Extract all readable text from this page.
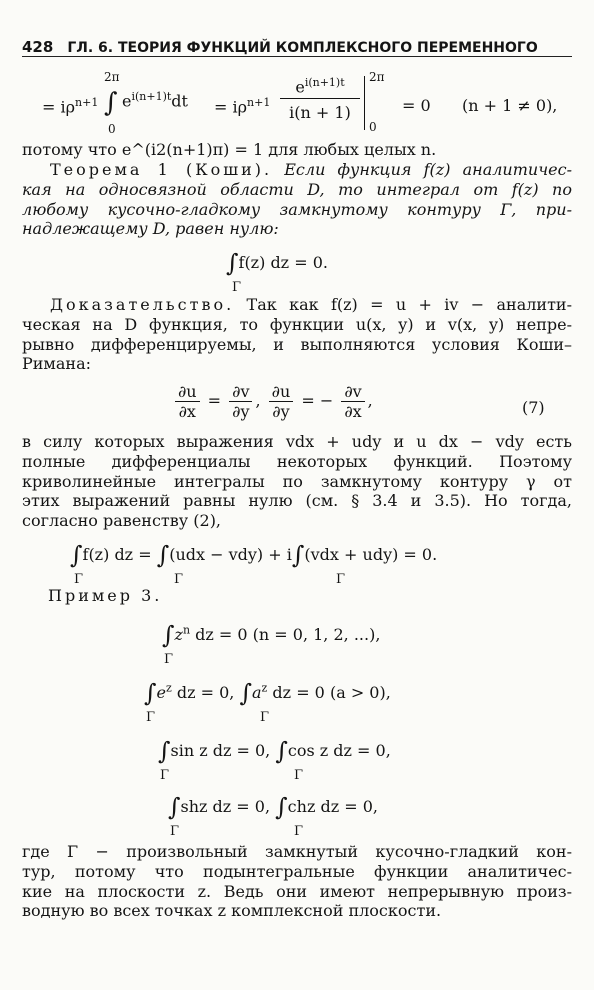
428 ГЛ. 6. ТЕОРИЯ ФУНКЦИЙ КОМПЛЕКСНОГО ПЕРЕМЕННОГО
= $i\rho^{n+1}$
2π
∫
0
$e^{i(n+1)t}dt = i\rho^{n+1}$
$e^{i(n+1)t}$
i(n + 1)
2π
0
= 0 (n + 1 ≠ 0),
потому что e^(i2(n+1)π) = 1 для любых целых n.
Теорема 1 (Коши). Если функция f(z) аналитичес-
кая на односвязной области D, то интеграл от f(z) по
любому кусочно-гладкому замкнутому контуру Γ, при-
надлежащему D, равен нулю:
∫f(z) dz = 0.
Γ
Доказательство. Так как f(z) = u + iv − аналити-
ческая на D функция, то функции u(x, y) и v(x, y) непре-
рывно дифференцируемы, и выполняются условия Коши–
Римана:
$\frac{\partial u}{\partial x} = \frac{\partial v}{\partial y}$ , $\frac{\partial u}{\partial y}$ = − $\frac{\partial v}{\partial x}$ ,	(7)
в силу которых выражения vdx + udy и u dx − vdy есть
полные дифференциалы некоторых функций. Поэтому
криволинейные интегралы по замкнутому контуру γ от
этих выражений равны нулю (см. § 3.4 и 3.5). Но тогда,
согласно равенству (2),
∫f(z) dz = ∫(udx − vdy) + i∫(vdx + udy) = 0.
Γ	Γ	Γ
Пример 3.
$\int z^n$ dz = 0 (n = 0, 1, 2, ...),
Γ
$\int e^z$ dz = 0, $\int a^z$ dz = 0 (a > 0),
Γ	Γ
∫sin z dz = 0, ∫cos z dz = 0,
Γ	Γ
∫shz dz = 0, ∫chz dz = 0,
Γ	Γ
где Γ − произвольный замкнутый кусочно-гладкий кон-
тур, потому что подынтегральные функции аналитичес-
кие на плоскости z. Ведь они имеют непрерывную произ-
водную во всех точках z комплексной плоскости.
